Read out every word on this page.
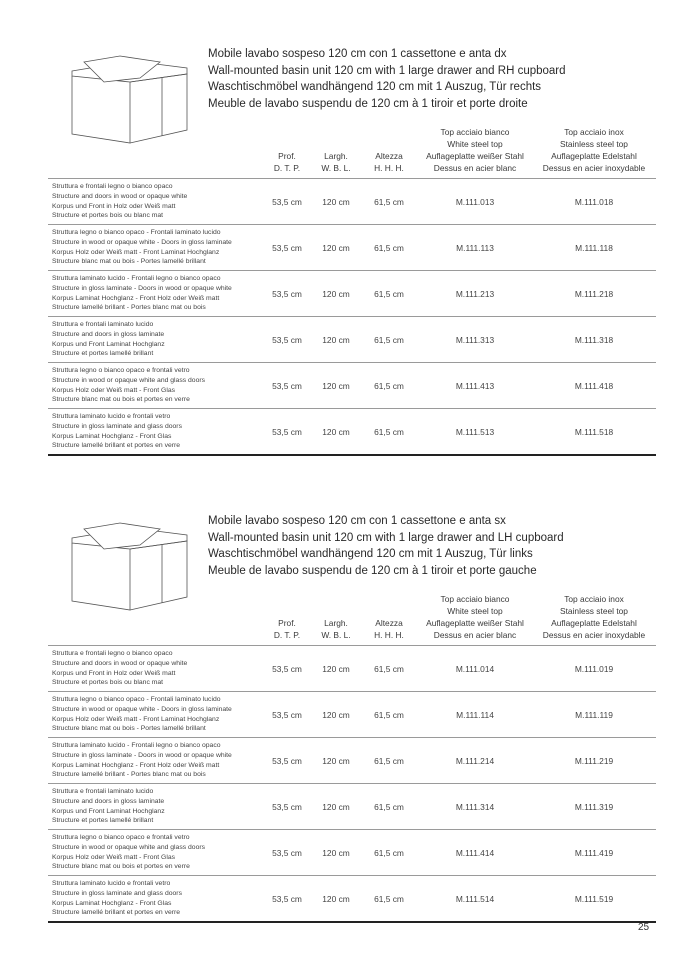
25
Mobile lavabo sospeso 120 cm con 1 cassettone e anta dx
Wall-mounted basin unit 120 cm with 1 large drawer and RH cupboard
Waschtischmöbel wandhängend 120 cm mit 1 Auszug, Tür rechts
Meuble de lavabo suspendu de 120 cm à 1 tiroir et porte droite
Prof.
D. T. P.
Largh.
W. B. L.
Altezza
H. H. H.
Top acciaio bianco
White steel top
Auflageplatte weißer Stahl
Dessus en acier blanc
Top acciaio inox
Stainless steel top
Auflageplatte Edelstahl
Dessus en acier inoxydable
Struttura e frontali legno o bianco opaco
Structure and doors in wood or opaque white
Korpus und Front in Holz oder Weiß matt
Structure et portes bois ou blanc mat	53,5 cm	120 cm	61,5 cm	M.111.013	M.111.018

Struttura legno o bianco opaco - Frontali laminato lucido
Structure in wood or opaque white - Doors in gloss laminate
Korpus Holz oder Weiß matt - Front Laminat Hochglanz
Structure blanc mat ou bois - Portes lamellé brillant	53,5 cm	120 cm	61,5 cm	M.111.113	M.111.118

Struttura laminato lucido - Frontali legno o bianco opaco
Structure in gloss laminate - Doors in wood or opaque white
Korpus Laminat Hochglanz - Front Holz oder Weiß matt
Structure lamellé brillant - Portes blanc mat ou bois	53,5 cm	120 cm	61,5 cm	M.111.213	M.111.218

Struttura e frontali laminato lucido
Structure and doors in gloss laminate
Korpus und Front Laminat Hochglanz
Structure et portes lamellé brillant	53,5 cm	120 cm	61,5 cm	M.111.313	M.111.318

Struttura legno o bianco opaco e frontali vetro
Structure in wood or opaque white and glass doors
Korpus Holz oder Weiß matt - Front Glas
Structure blanc mat ou bois et portes en verre	53,5 cm	120 cm	61,5 cm	M.111.413	M.111.418

Struttura laminato lucido e frontali vetro
Structure in gloss laminate and glass doors
Korpus Laminat Hochglanz - Front Glas
Structure lamellé brillant et portes en verre	53,5 cm	120 cm	61,5 cm	M.111.513	M.111.518
Mobile lavabo sospeso 120 cm con 1 cassettone e anta sx
Wall-mounted basin unit 120 cm with 1 large drawer and LH cupboard
Waschtischmöbel wandhängend 120 cm mit 1 Auszug, Tür links
Meuble de lavabo suspendu de 120 cm à 1 tiroir et porte gauche
Prof.
D. T. P.
Largh.
W. B. L.
Altezza
H. H. H.
Top acciaio bianco
White steel top
Auflageplatte weißer Stahl
Dessus en acier blanc
Top acciaio inox
Stainless steel top
Auflageplatte Edelstahl
Dessus en acier inoxydable
Struttura e frontali legno o bianco opaco
Structure and doors in wood or opaque white
Korpus und Front in Holz oder Weiß matt
Structure et portes bois ou blanc mat	53,5 cm	120 cm	61,5 cm	M.111.014	M.111.019

Struttura legno o bianco opaco - Frontali laminato lucido
Structure in wood or opaque white - Doors in gloss laminate
Korpus Holz oder Weiß matt - Front Laminat Hochglanz
Structure blanc mat ou bois - Portes lamellé brillant	53,5 cm	120 cm	61,5 cm	M.111.114	M.111.119

Struttura laminato lucido - Frontali legno o bianco opaco
Structure in gloss laminate - Doors in wood or opaque white
Korpus Laminat Hochglanz - Front Holz oder Weiß matt
Structure lamellé brillant - Portes blanc mat ou bois	53,5 cm	120 cm	61,5 cm	M.111.214	M.111.219

Struttura e frontali laminato lucido
Structure and doors in gloss laminate
Korpus und Front Laminat Hochglanz
Structure et portes lamellé brillant	53,5 cm	120 cm	61,5 cm	M.111.314	M.111.319

Struttura legno o bianco opaco e frontali vetro
Structure in wood or opaque white and glass doors
Korpus Holz oder Weiß matt - Front Glas
Structure blanc mat ou bois et portes en verre	53,5 cm	120 cm	61,5 cm	M.111.414	M.111.419

Struttura laminato lucido e frontali vetro
Structure in gloss laminate and glass doors
Korpus Laminat Hochglanz - Front Glas
Structure lamellé brillant et portes en verre	53,5 cm	120 cm	61,5 cm	M.111.514	M.111.519
